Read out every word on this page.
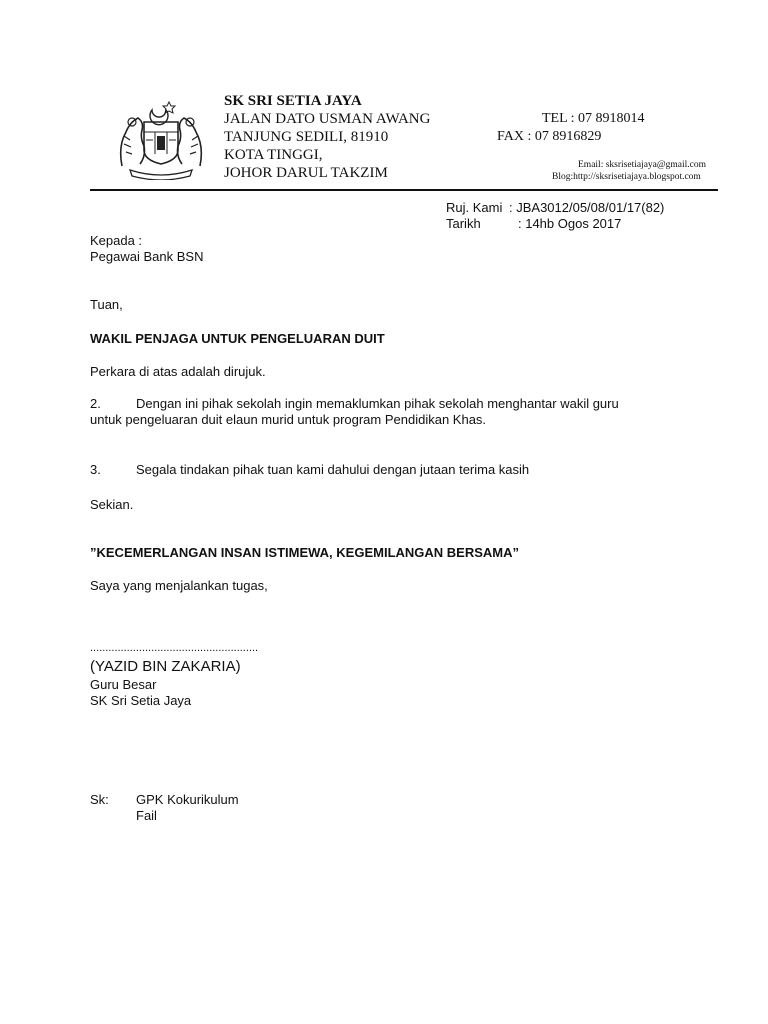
SK SRI SETIA JAYA
JALAN DATO USMAN AWANG
TANJUNG SEDILI, 81910
KOTA TINGGI,
JOHOR DARUL TAKZIM
TEL : 07 8918014
FAX : 07 8916829
Email: sksrisetiajaya@gmail.com
Blog:http://sksrisetiajaya.blogspot.com
Ruj. Kami : JBA3012/05/08/01/17(82)
Tarikh	: 14hb Ogos 2017
Kepada :
Pegawai Bank BSN
Tuan,
WAKIL PENJAGA UNTUK PENGELUARAN DUIT
Perkara di atas adalah dirujuk.
2.	Dengan ini pihak sekolah ingin memaklumkan pihak sekolah menghantar wakil guru
untuk pengeluaran duit elaun murid untuk program Pendidikan Khas.
3.	Segala tindakan pihak tuan kami dahului dengan jutaan terima kasih
Sekian.
”KECEMERLANGAN INSAN ISTIMEWA, KEGEMILANGAN BERSAMA”
Saya yang menjalankan tugas,
.......................................................
(YAZID BIN ZAKARIA)
Guru Besar
SK Sri Setia Jaya
Sk: GPK Kokurikulum
Fail
